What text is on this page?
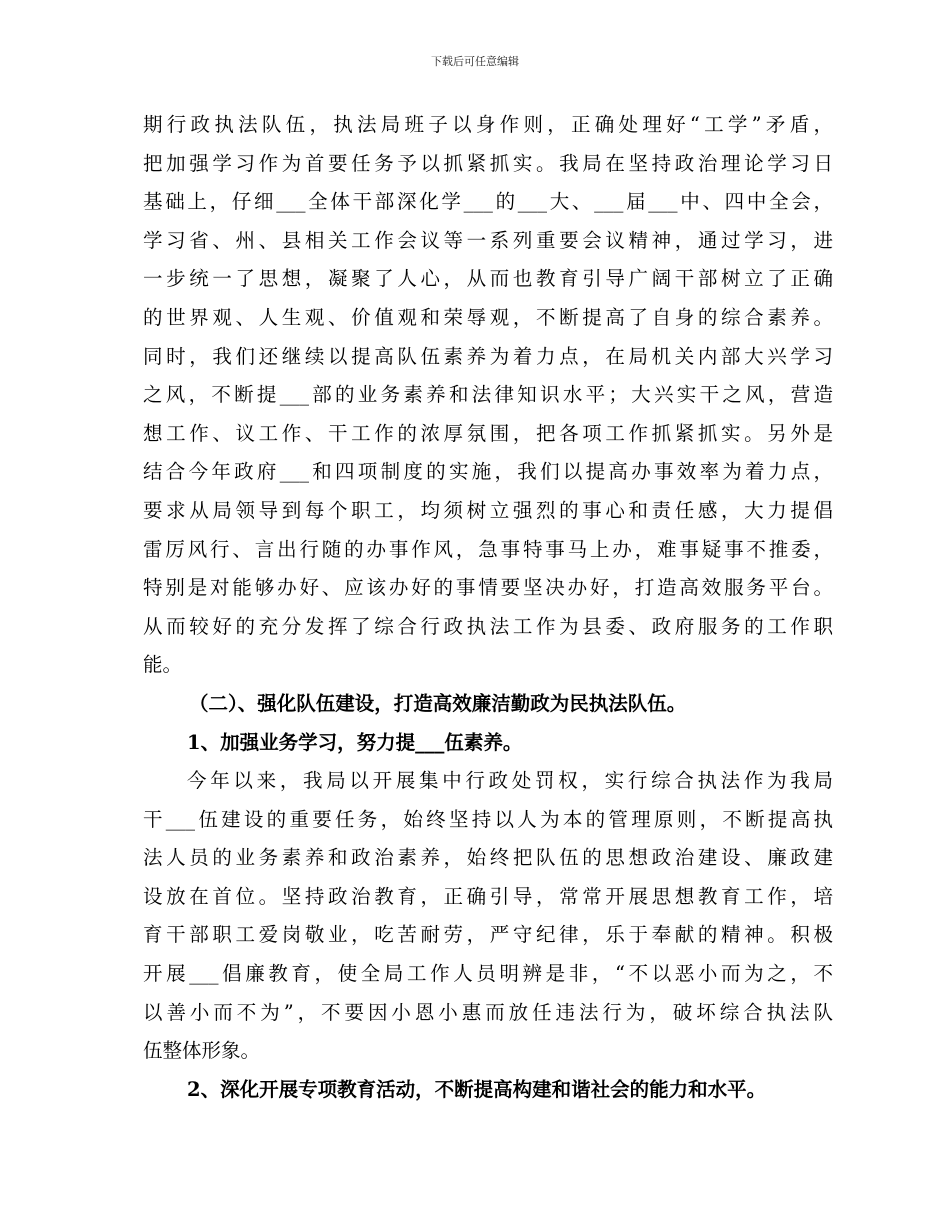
下载后可任意编辑
期行政执法队伍，执法局班子以身作则，正确处理好“工学”矛盾，
把加强学习作为首要任务予以抓紧抓实。我局在坚持政治理论学习日
基础上，仔细___全体干部深化学___的___大、___届___中、四中全会，
学习省、州、县相关工作会议等一系列重要会议精神，通过学习，进
一步统一了思想，凝聚了人心，从而也教育引导广阔干部树立了正确
的世界观、人生观、价值观和荣辱观，不断提高了自身的综合素养。
同时，我们还继续以提高队伍素养为着力点，在局机关内部大兴学习
之风，不断提___部的业务素养和法律知识水平；大兴实干之风，营造
想工作、议工作、干工作的浓厚氛围，把各项工作抓紧抓实。另外是
结合今年政府___和四项制度的实施，我们以提高办事效率为着力点，
要求从局领导到每个职工，均须树立强烈的事心和责任感，大力提倡
雷厉风行、言出行随的办事作风，急事特事马上办，难事疑事不推委，
特别是对能够办好、应该办好的事情要坚决办好，打造高效服务平台。
从而较好的充分发挥了综合行政执法工作为县委、政府服务的工作职
能。
（二）、强化队伍建设，打造高效廉洁勤政为民执法队伍。
1、加强业务学习，努力提___伍素养。
今年以来，我局以开展集中行政处罚权，实行综合执法作为我局
干___伍建设的重要任务，始终坚持以人为本的管理原则，不断提高执
法人员的业务素养和政治素养，始终把队伍的思想政治建设、廉政建
设放在首位。坚持政治教育，正确引导，常常开展思想教育工作，培
育干部职工爱岗敬业，吃苦耐劳，严守纪律，乐于奉献的精神。积极
开展___倡廉教育，使全局工作人员明辨是非，“不以恶小而为之，不
以善小而不为”，不要因小恩小惠而放任违法行为，破坏综合执法队
伍整体形象。
2、深化开展专项教育活动，不断提高构建和谐社会的能力和水平。
